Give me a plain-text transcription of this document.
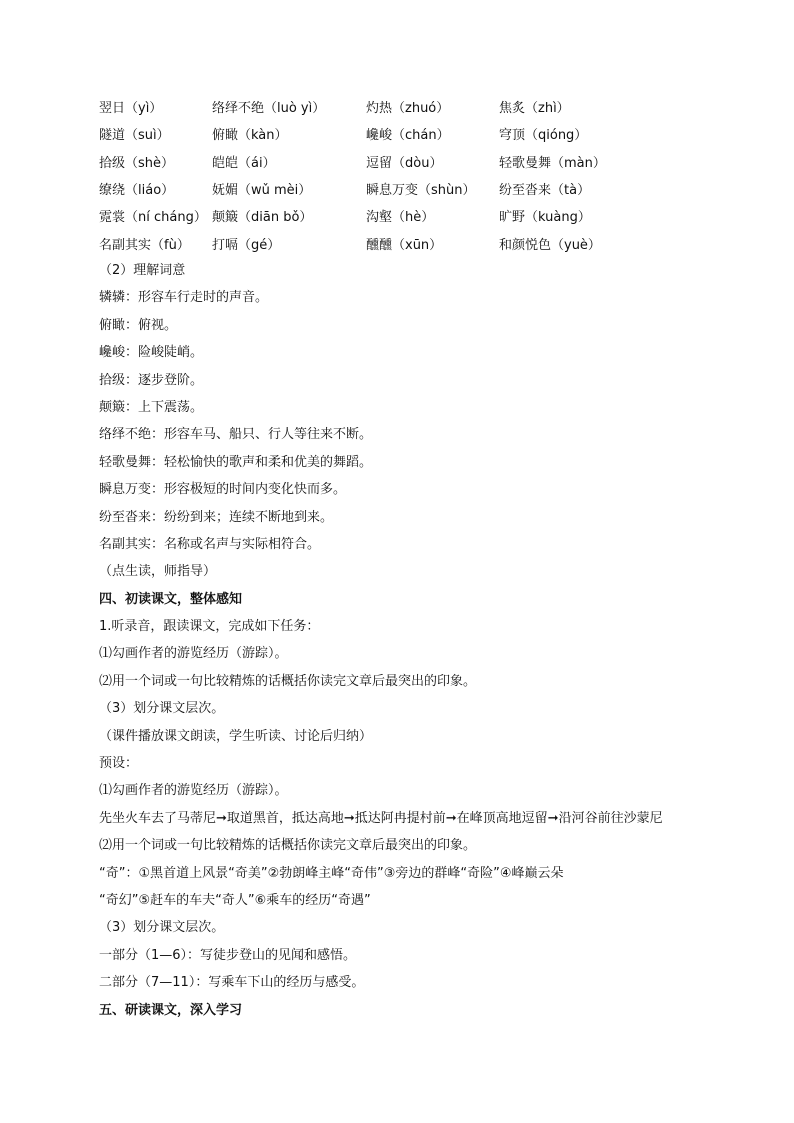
翌日（yì）	络绎不绝（luò yì）	灼热（zhuó）	焦炙（zhì）
隧道（suì）	俯瞰（kàn）	巉峻（chán）	穹顶（qióng）
拾级（shè）	皑皑（ái）	逗留（dòu）	轻歌曼舞（màn）
缭绕（liáo）	妩媚（wǔ mèi）	瞬息万变（shùn）	纷至沓来（tà）
霓裳（ní cháng） 颠簸（diān bǒ）	沟壑（hè）	旷野（kuàng）
名副其实（fù）	打嗝（gé）	醺醺（xūn）	和颜悦色（yuè）
（2）理解词意
辚辚：形容车行走时的声音。
俯瞰：俯视。
巉峻：险峻陡峭。
拾级：逐步登阶。
颠簸：上下震荡。
络绎不绝：形容车马、船只、行人等往来不断。
轻歌曼舞：轻松愉快的歌声和柔和优美的舞蹈。
瞬息万变：形容极短的时间内变化快而多。
纷至沓来：纷纷到来；连续不断地到来。
名副其实：名称或名声与实际相符合。
（点生读，师指导）
四、初读课文，整体感知
1.听录音，跟读课文，完成如下任务：
⑴勾画作者的游览经历（游踪）。
⑵用一个词或一句比较精炼的话概括你读完文章后最突出的印象。
（3）划分课文层次。
（课件播放课文朗读，学生听读、讨论后归纳）
预设：
⑴勾画作者的游览经历（游踪）。
先坐火车去了马蒂尼➞取道黑首，抵达高地➞抵达阿冉提村前➞在峰顶高地逗留➞沿河谷前往沙蒙尼
⑵用一个词或一句比较精炼的话概括你读完文章后最突出的印象。
“奇”：①黑首道上风景“奇美”②勃朗峰主峰“奇伟”③旁边的群峰“奇险”④峰巅云朵
“奇幻”⑤赶车的车夫“奇人”⑥乘车的经历“奇遇”
（3）划分课文层次。
一部分（1—6）：写徒步登山的见闻和感悟。
二部分（7—11）：写乘车下山的经历与感受。
五、研读课文，深入学习
